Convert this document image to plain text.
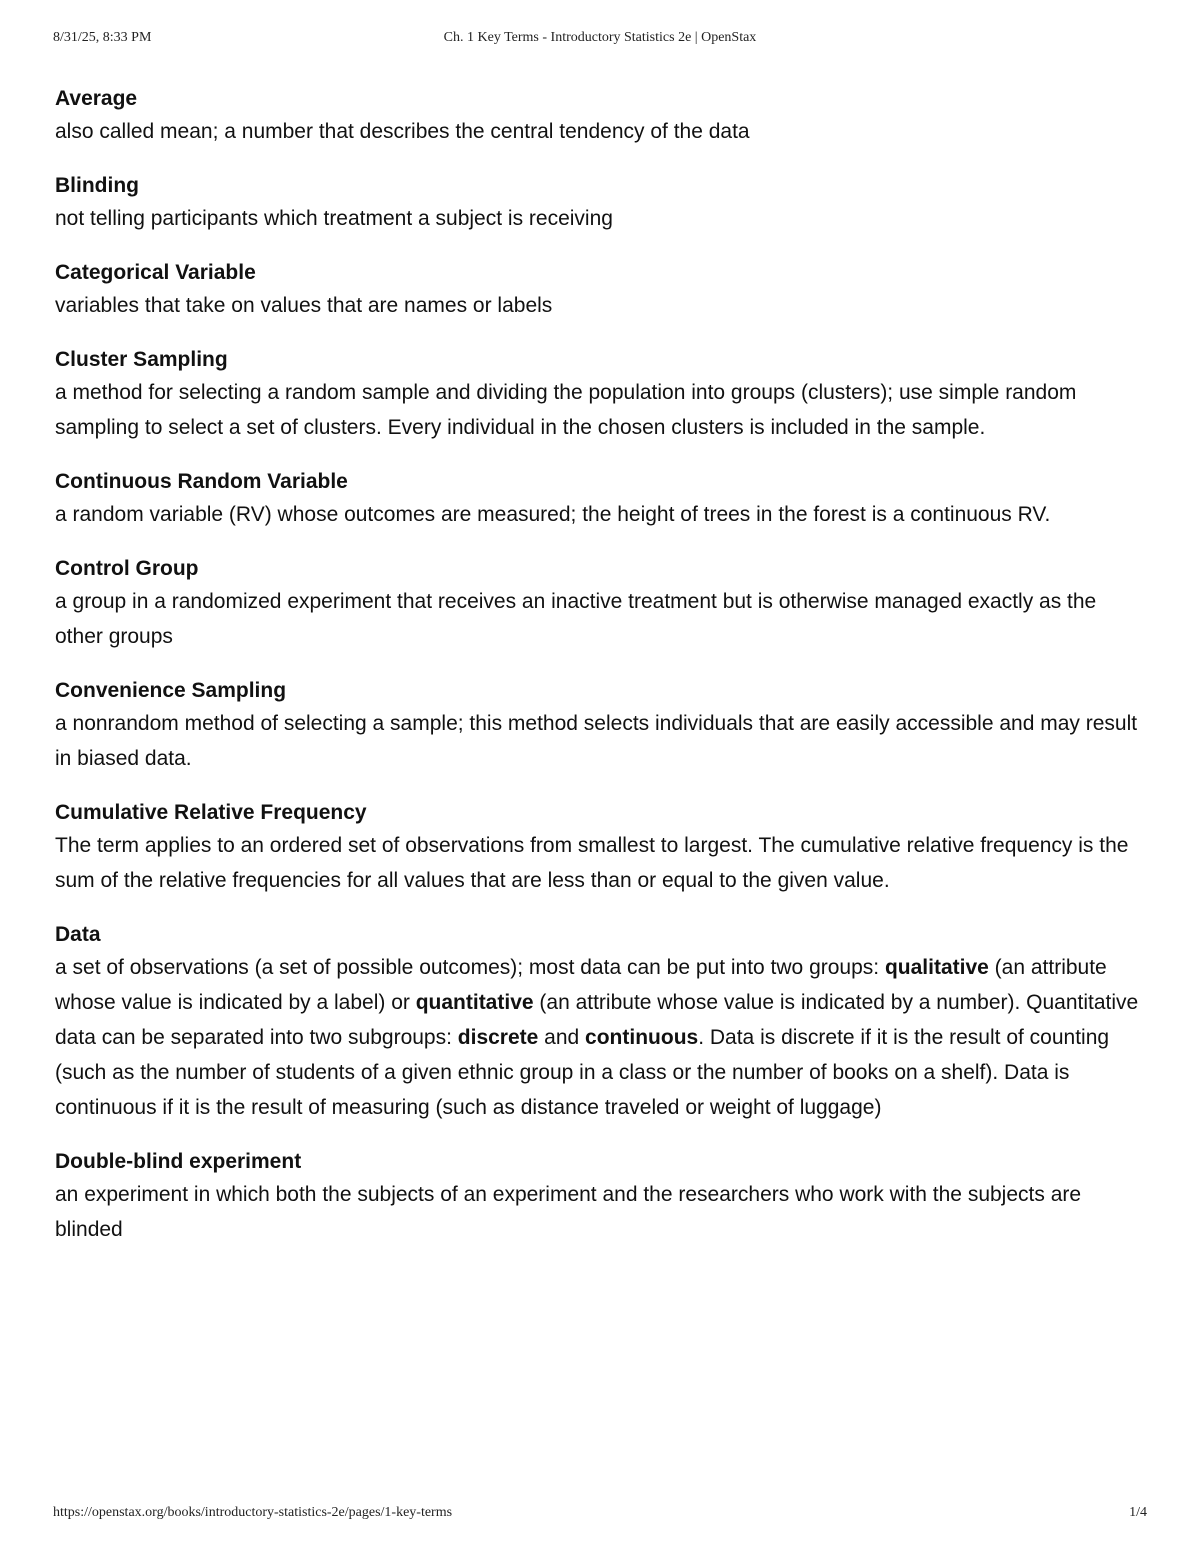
8/31/25, 8:33 PM	Ch. 1 Key Terms - Introductory Statistics 2e | OpenStax

Average

also called mean; a number that describes the central tendency of the data

Blinding

not telling participants which treatment a subject is receiving

Categorical Variable

variables that take on values that are names or labels

Cluster Sampling

a method for selecting a random sample and dividing the population into groups (clusters); use simple random sampling to select a set of clusters. Every individual in the chosen clusters is included in the sample.

Continuous Random Variable

a random variable (RV) whose outcomes are measured; the height of trees in the forest is a continuous RV.

Control Group

a group in a randomized experiment that receives an inactive treatment but is otherwise managed exactly as the other groups

Convenience Sampling

a nonrandom method of selecting a sample; this method selects individuals that are easily accessible and may result in biased data.

Cumulative Relative Frequency

The term applies to an ordered set of observations from smallest to largest. The cumulative relative frequency is the sum of the relative frequencies for all values that are less than or equal to the given value.

Data

a set of observations (a set of possible outcomes); most data can be put into two groups: qualitative (an attribute whose value is indicated by a label) or quantitative (an attribute whose value is indicated by a number). Quantitative data can be separated into two subgroups: discrete and continuous. Data is discrete if it is the result of counting (such as the number of students of a given ethnic group in a class or the number of books on a shelf). Data is continuous if it is the result of measuring (such as distance traveled or weight of luggage)

Double-blind experiment

an experiment in which both the subjects of an experiment and the researchers who work with the subjects are blinded

https://openstax.org/books/introductory-statistics-2e/pages/1-key-terms	1/4
